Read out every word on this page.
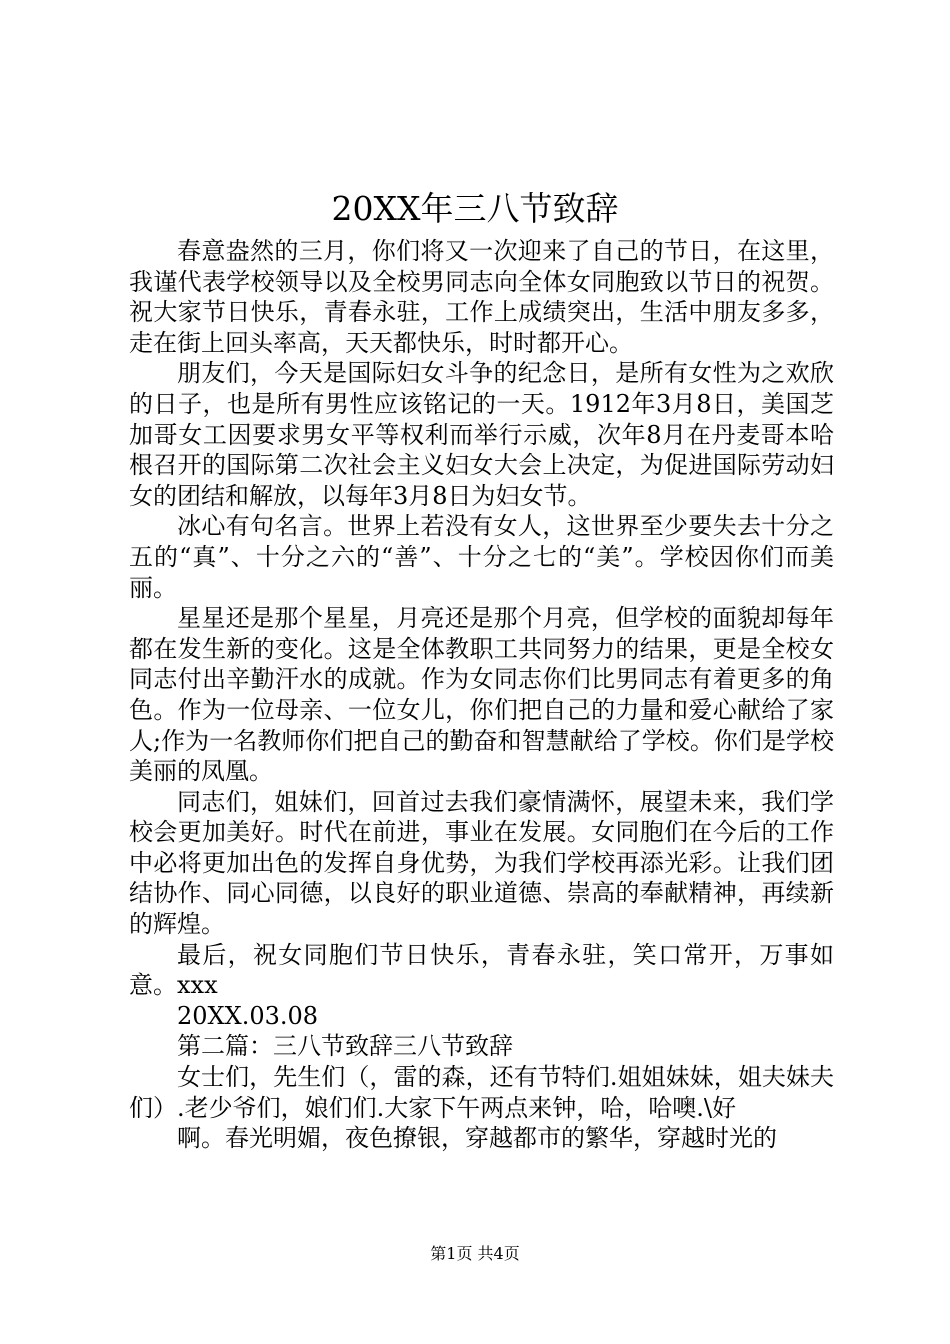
20XX年三八节致辞

春意盎然的三月，你们将又一次迎来了自己的节日，在这里，我谨代表学校领导以及全校男同志向全体女同胞致以节日的祝贺。祝大家节日快乐，青春永驻，工作上成绩突出，生活中朋友多多，走在街上回头率高，天天都快乐，时时都开心。

朋友们，今天是国际妇女斗争的纪念日，是所有女性为之欢欣的日子，也是所有男性应该铭记的一天。1912年3月8日，美国芝加哥女工因要求男女平等权利而举行示威，次年8月在丹麦哥本哈根召开的国际第二次社会主义妇女大会上决定，为促进国际劳动妇女的团结和解放，以每年3月8日为妇女节。

冰心有句名言。世界上若没有女人，这世界至少要失去十分之五的“真”、十分之六的“善”、十分之七的“美”。学校因你们而美丽。

星星还是那个星星，月亮还是那个月亮，但学校的面貌却每年都在发生新的变化。这是全体教职工共同努力的结果，更是全校女同志付出辛勤汗水的成就。作为女同志你们比男同志有着更多的角色。作为一位母亲、一位女儿，你们把自己的力量和爱心献给了家人;作为一名教师你们把自己的勤奋和智慧献给了学校。你们是学校美丽的凤凰。

同志们，姐妹们，回首过去我们豪情满怀，展望未来，我们学校会更加美好。时代在前进，事业在发展。女同胞们在今后的工作中必将更加出色的发挥自身优势，为我们学校再添光彩。让我们团结协作、同心同德，以良好的职业道德、崇高的奉献精神，再续新的辉煌。

最后，祝女同胞们节日快乐，青春永驻，笑口常开，万事如意。xxx

20XX.03.08

第二篇：三八节致辞三八节致辞

女士们，先生们（，雷的森，还有节特们.姐姐妹妹，姐夫妹夫们）.老少爷们，娘们们.大家下午两点来钟，哈，哈噢.\好

啊。春光明媚，夜色撩银，穿越都市的繁华，穿越时光的

第1页 共4页
